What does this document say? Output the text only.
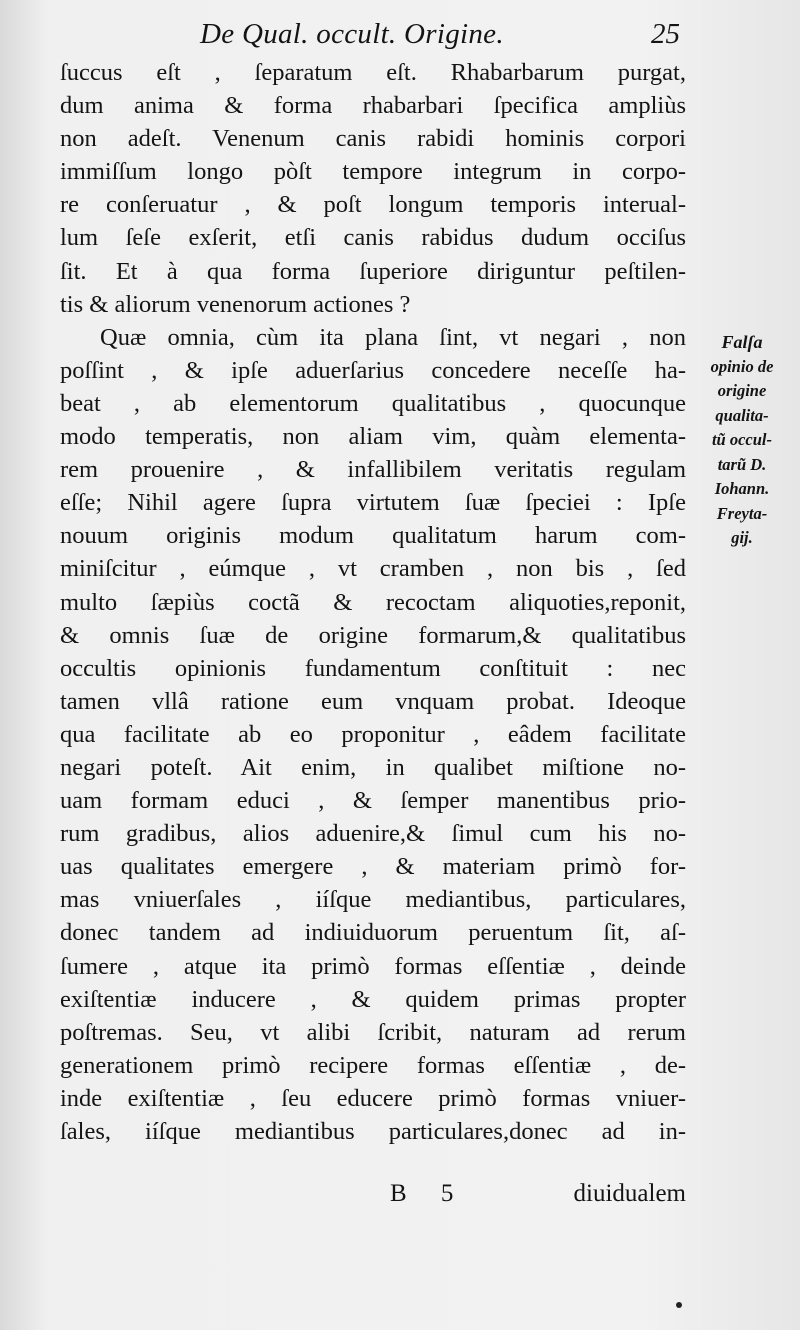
De Qual. occult. Origine.	25
ſuccus eſt , ſeparatum eſt. Rhabarbarum purgat,
dum anima & forma rhabarbari ſpecifica ampliùs
non adeſt. Venenum canis rabidi hominis corpori
immiſſum longo pòſt tempore integrum in corpo-
re conſeruatur , & poſt longum temporis interual-
lum ſeſe exſerit, etſi canis rabidus dudum occiſus
ſit. Et à qua forma ſuperiore diriguntur peſtilen-
tis & aliorum venenorum actiones ?
Quæ omnia, cùm ita plana ſint, vt negari , non
poſſint , & ipſe aduerſarius concedere neceſſe ha-
beat , ab elementorum qualitatibus , quocunque
modo temperatis, non aliam vim, quàm elementa-
rem prouenire , & infallibilem veritatis regulam
eſſe; Nihil agere ſupra virtutem ſuæ ſpeciei : Ipſe
nouum originis modum qualitatum harum com-
miniſcitur , eúmque , vt cramben , non bis , ſed
multo ſæpiùs coctã & recoctam aliquoties,reponit,
& omnis ſuæ de origine formarum,& qualitatibus
occultis opinionis fundamentum conſtituit : nec
tamen vllâ ratione eum vnquam probat. Ideoque
qua facilitate ab eo proponitur , eâdem facilitate
negari poteſt. Ait enim, in qualibet miſtione no-
uam formam educi , & ſemper manentibus prio-
rum gradibus, alios aduenire,& ſimul cum his no-
uas qualitates emergere , & materiam primò for-
mas vniuerſales , iíſque mediantibus, particulares,
donec tandem ad indiuiduorum peruentum ſit, aſ-
ſumere , atque ita primò formas eſſentiæ , deinde
exiſtentiæ inducere , & quidem primas propter
poſtremas. Seu, vt alibi ſcribit, naturam ad rerum
generationem primò recipere formas eſſentiæ , de-
inde exiſtentiæ , ſeu educere primò formas vniuer-
ſales, iíſque mediantibus particulares,donec ad in-
Falſa
opinio de
origine
qualita-
tũ occul-
tarũ D.
Iohann.
Freyta-
gij.
B 5	diuidualem
